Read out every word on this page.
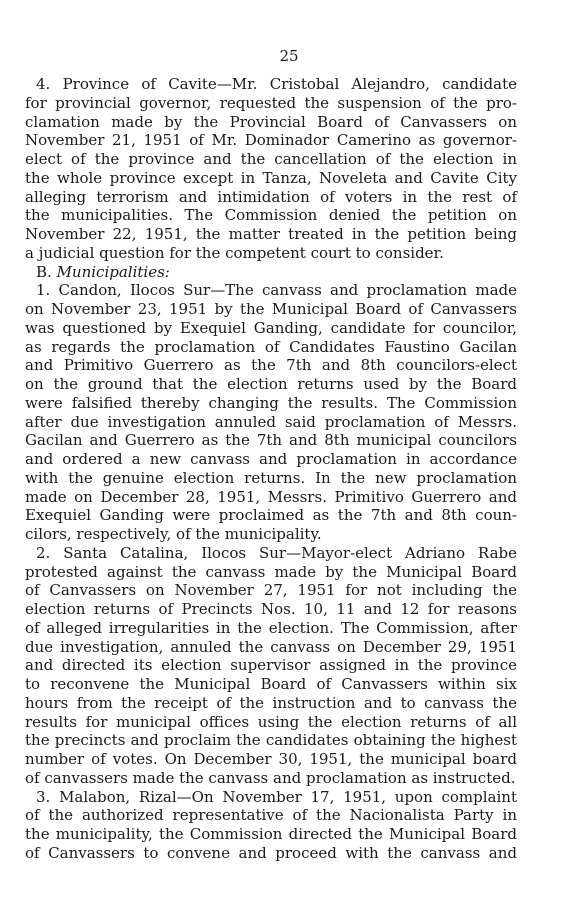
25
4. Province of Cavite—Mr. Cristobal Alejandro, candidate
for provincial governor, requested the suspension of the pro-
clamation made by the Provincial Board of Canvassers on
November 21, 1951 of Mr. Dominador Camerino as governor-
elect of the province and the cancellation of the election in
the whole province except in Tanza, Noveleta and Cavite City
alleging terrorism and intimidation of voters in the rest of
the municipalities. The Commission denied the petition on
November 22, 1951, the matter treated in the petition being
a judicial question for the competent court to consider.
B. Municipalities:
1. Candon, Ilocos Sur—The canvass and proclamation made
on November 23, 1951 by the Municipal Board of Canvassers
was questioned by Exequiel Ganding, candidate for councilor,
as regards the proclamation of Candidates Faustino Gacilan
and Primitivo Guerrero as the 7th and 8th councilors-elect
on the ground that the election returns used by the Board
were falsified thereby changing the results. The Commission
after due investigation annuled said proclamation of Messrs.
Gacilan and Guerrero as the 7th and 8th municipal councilors
and ordered a new canvass and proclamation in accordance
with the genuine election returns. In the new proclamation
made on December 28, 1951, Messrs. Primitivo Guerrero and
Exequiel Ganding were proclaimed as the 7th and 8th coun-
cilors, respectively, of the municipality.
2. Santa Catalina, Ilocos Sur—Mayor-elect Adriano Rabe
protested against the canvass made by the Municipal Board
of Canvassers on November 27, 1951 for not including the
election returns of Precincts Nos. 10, 11 and 12 for reasons
of alleged irregularities in the election. The Commission, after
due investigation, annuled the canvass on December 29, 1951
and directed its election supervisor assigned in the province
to reconvene the Municipal Board of Canvassers within six
hours from the receipt of the instruction and to canvass the
results for municipal offices using the election returns of all
the precincts and proclaim the candidates obtaining the highest
number of votes. On December 30, 1951, the municipal board
of canvassers made the canvass and proclamation as instructed.
3. Malabon, Rizal—On November 17, 1951, upon complaint
of the authorized representative of the Nacionalista Party in
the municipality, the Commission directed the Municipal Board
of Canvassers to convene and proceed with the canvass and
